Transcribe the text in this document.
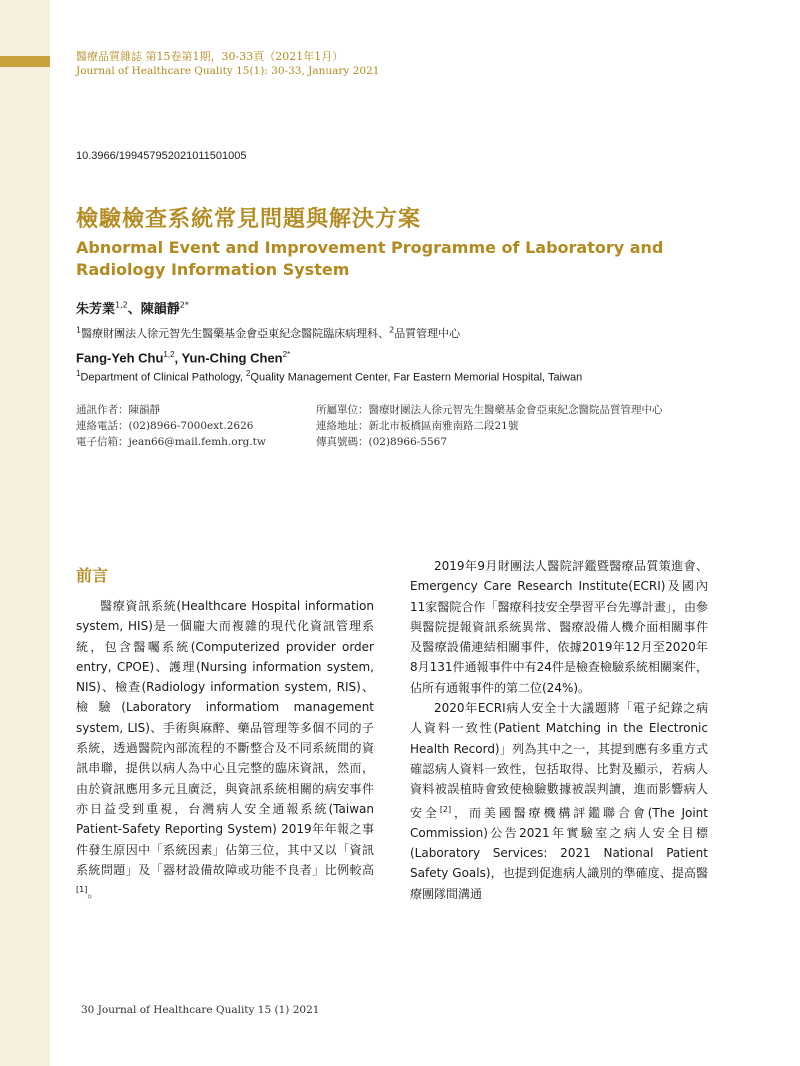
醫療品質雜誌 第15卷第1期，30-33頁（2021年1月）
Journal of Healthcare Quality 15(1): 30-33, January 2021
10.3966/199457952021011501005
檢驗檢查系統常見問題與解決方案
Abnormal Event and Improvement Programme of Laboratory and Radiology Information System
朱芳業$^{1,2}$、陳韻靜$^{2*}$
$^1$醫療財團法人徐元智先生醫藥基金會亞東紀念醫院臨床病理科、$^2$品質管理中心
Fang-Yeh Chu$^{1,2}$, Yun-Ching Chen$^{2*}$
$^1$Department of Clinical Pathology, $^2$Quality Management Center, Far Eastern Memorial Hospital, Taiwan
通訊作者：陳韻靜
連絡電話：(02)8966-7000ext.2626
電子信箱：jean66@mail.femh.org.tw
所屬單位：醫療財團法人徐元智先生醫藥基金會亞東紀念醫院品質管理中心
連絡地址：新北市板橋區南雅南路二段21號
傳真號碼：(02)8966-5567
前言

醫療資訊系統(Healthcare Hospital information system, HIS)是一個龐大而複雜的現代化資訊管理系統，包含醫囑系統(Computerized provider order entry, CPOE)、護理(Nursing information system, NIS)、檢查(Radiology information system, RIS)、檢驗(Laboratory informatiom management system, LIS)、手術與麻醉、藥品管理等多個不同的子系統，透過醫院內部流程的不斷整合及不同系統間的資訊串聯，提供以病人為中心且完整的臨床資訊，然而，由於資訊應用多元且廣泛，與資訊系統相關的病安事件亦日益受到重視，台灣病人安全通報系統(Taiwan Patient-Safety Reporting System) 2019年年報之事件發生原因中「系統因素」佔第三位，其中又以「資訊系統問題」及「器材設備故障或功能不良者」比例較高[1]。

2019年9月財團法人醫院評鑑暨醫療品質策進會、Emergency Care Research Institute(ECRI)及國內11家醫院合作「醫療科技安全學習平台先導計畫」，由參與醫院提報資訊系統異常、醫療設備人機介面相關事件及醫療設備連結相關事件，依據2019年12月至2020年8月131件通報事件中有24件是檢查檢驗系統相關案件，佔所有通報事件的第二位(24%)。

2020年ECRI病人安全十大議題將「電子紀錄之病人資料一致性(Patient Matching in the Electronic Health Record)」列為其中之一，其提到應有多重方式確認病人資料一致性，包括取得、比對及顯示，若病人資料被誤植時會致使檢驗數據被誤判讀，進而影響病人安全[2]，而美國醫療機構評鑑聯合會(The Joint Commission)公告2021年實驗室之病人安全目標(Laboratory Services: 2021 National Patient Safety Goals)，也提到促進病人識別的準確度、提高醫療團隊間溝通

30 Journal of Healthcare Quality 15 (1) 2021
